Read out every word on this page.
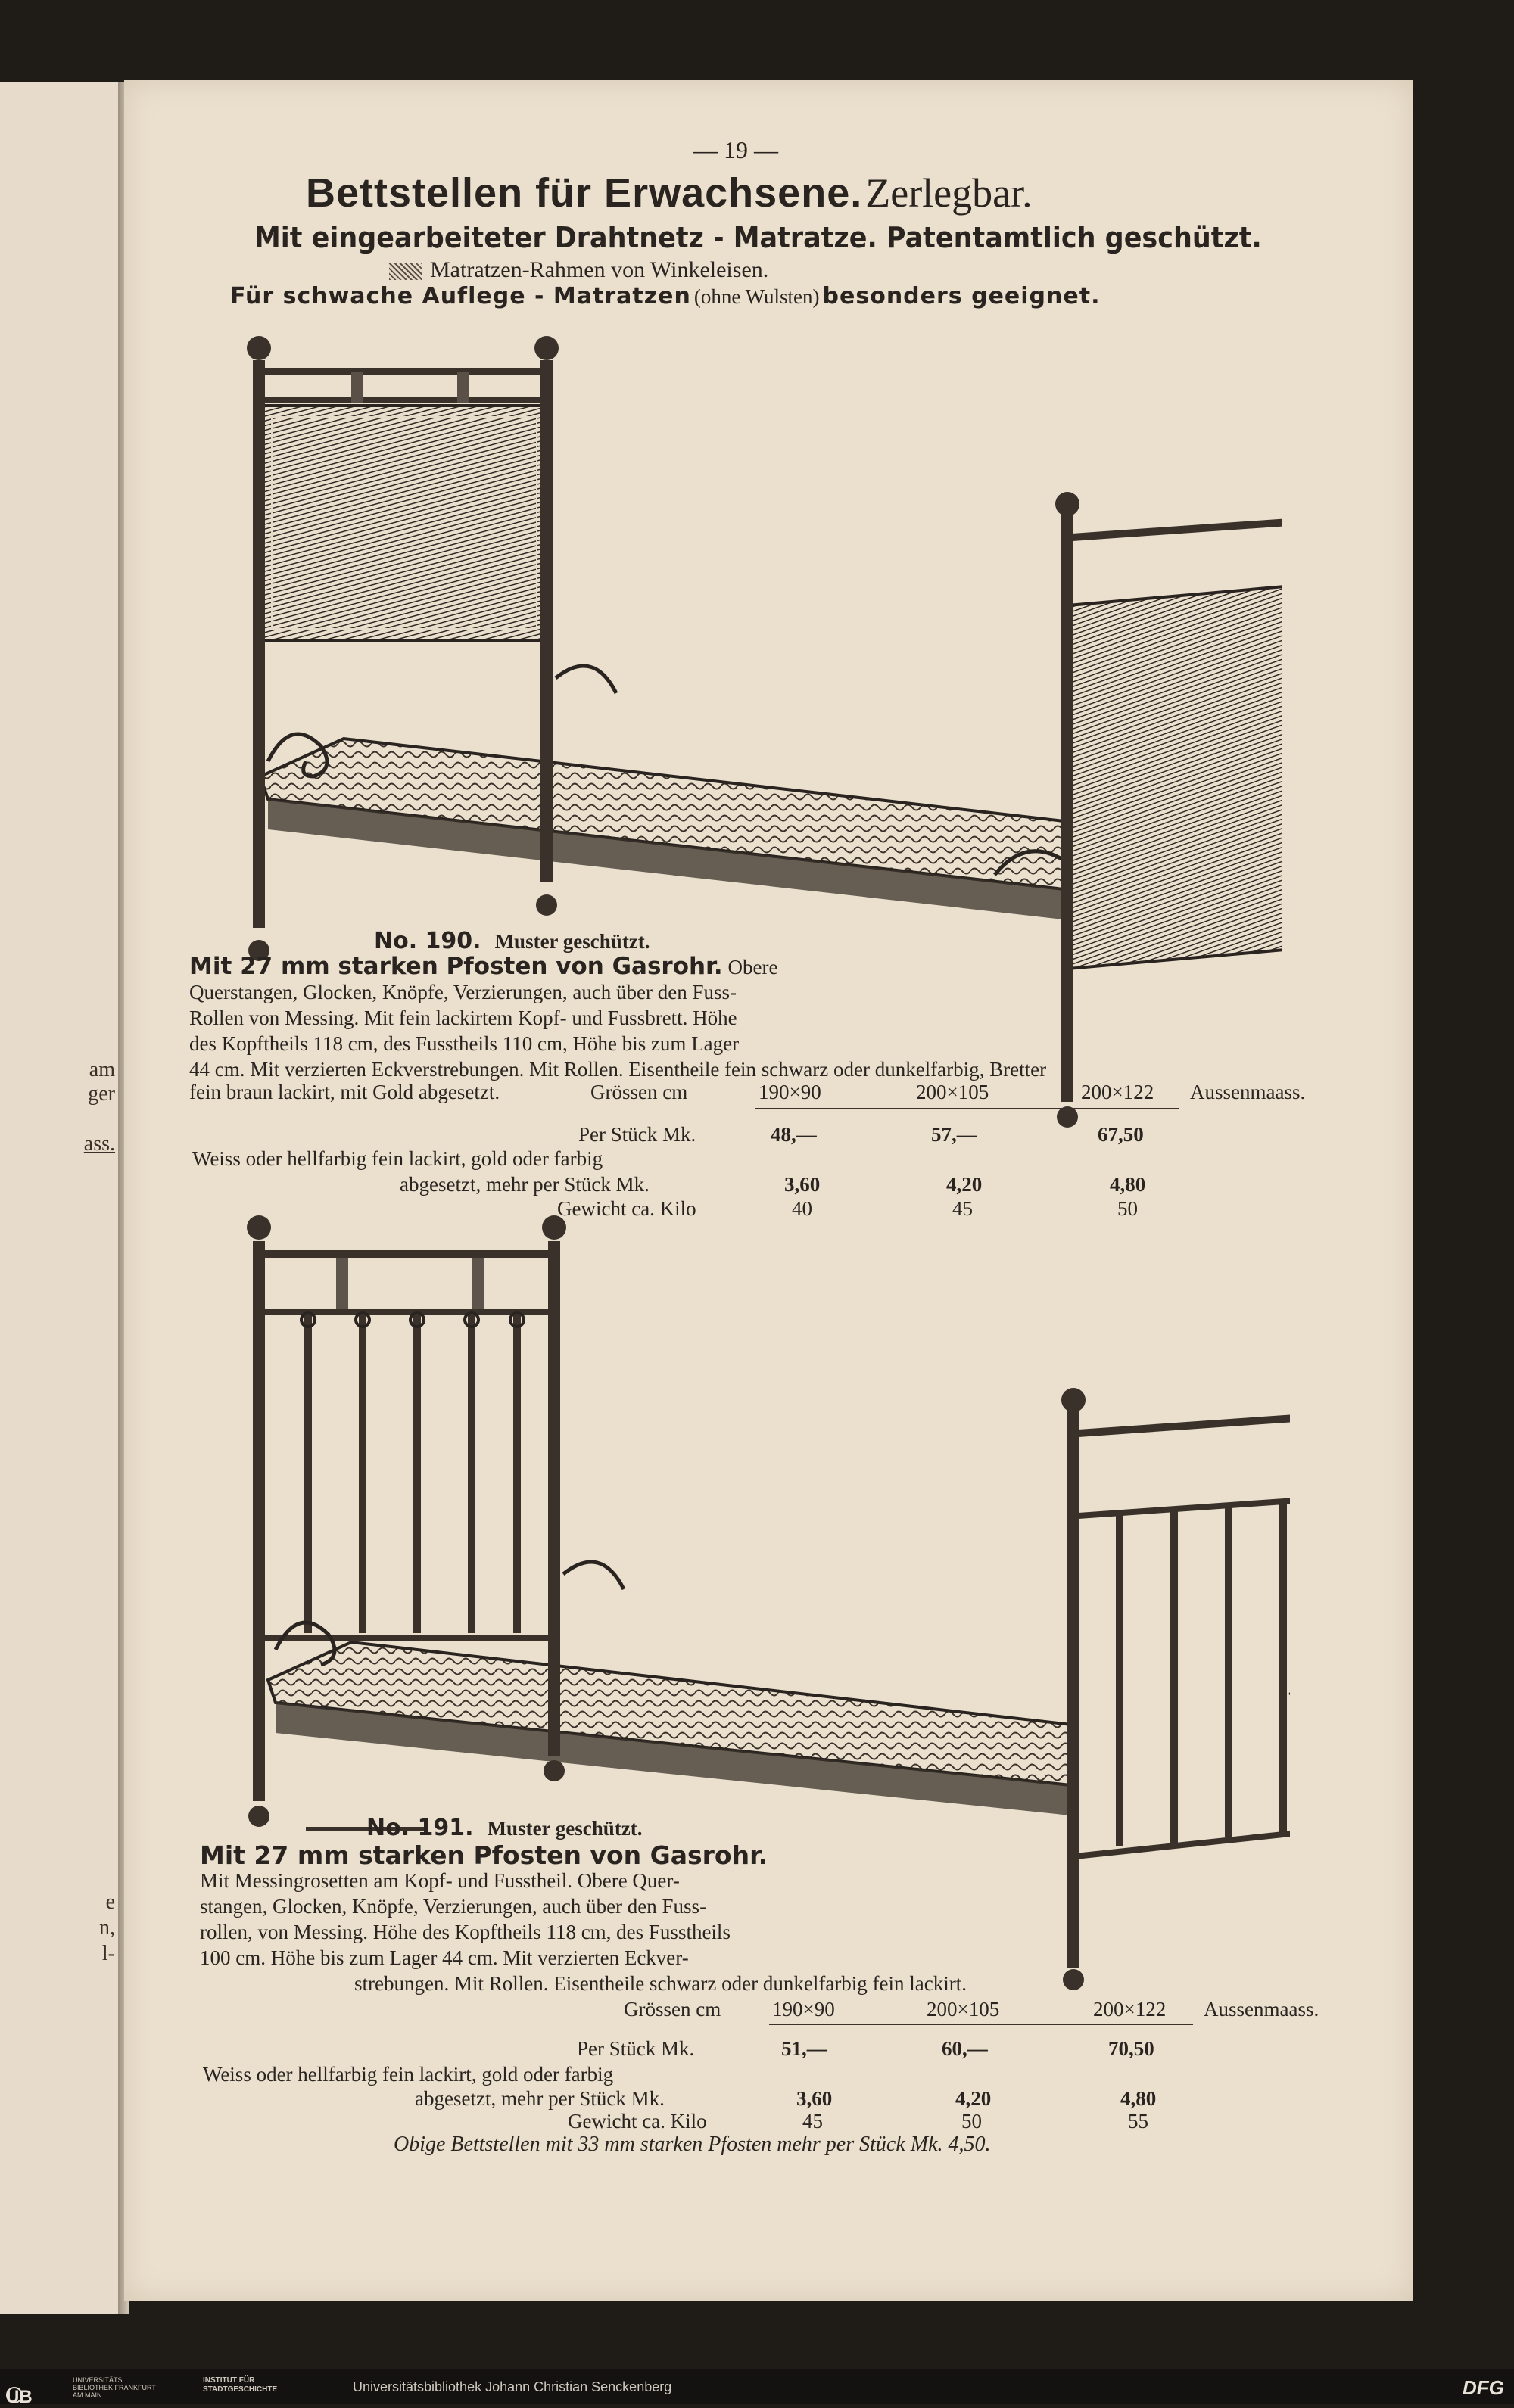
am
ger
ass.
e
n,
l-
— 19 —
Bettstellen für Erwachsene. Zerlegbar.
Mit eingearbeiteter Drahtnetz - Matratze. Patentamtlich geschützt.
Matratzen-Rahmen von Winkeleisen.
Für schwache Auflege - Matratzen (ohne Wulsten) besonders geeignet.
No. 190. Muster geschützt.
Mit 27 mm starken Pfosten von Gasrohr. Obere
Querstangen, Glocken, Knöpfe, Verzierungen, auch über den Fuss-
Rollen von Messing. Mit fein lackirtem Kopf- und Fussbrett. Höhe
des Kopftheils 118 cm, des Fusstheils 110 cm, Höhe bis zum Lager
44 cm. Mit verzierten Eckverstrebungen. Mit Rollen. Eisentheile fein schwarz oder dunkelfarbig, Bretter
fein braun lackirt, mit Gold abgesetzt.	Grössen cm	190×90	200×105	200×122 Aussenmaass.
Per Stück Mk.	48,—	57,—	67,50
Weiss oder hellfarbig fein lackirt, gold oder farbig
abgesetzt, mehr per Stück Mk.	3,60	4,20	4,80
Gewicht ca. Kilo	40	45	50
No. 191. Muster geschützt.
Mit 27 mm starken Pfosten von Gasrohr.
Mit Messingrosetten am Kopf- und Fusstheil. Obere Quer-
stangen, Glocken, Knöpfe, Verzierungen, auch über den Fuss-
rollen, von Messing. Höhe des Kopftheils 118 cm, des Fusstheils
100 cm. Höhe bis zum Lager 44 cm. Mit verzierten Eckver-
strebungen. Mit Rollen. Eisentheile schwarz oder dunkelfarbig fein lackirt.
Grössen cm	190×90	200×105	200×122 Aussenmaass.
Per Stück Mk.	51,—	60,—	70,50
Weiss oder hellfarbig fein lackirt, gold oder farbig
abgesetzt, mehr per Stück Mk.	3,60	4,20	4,80
Gewicht ca. Kilo	45	50	55
Obige Bettstellen mit 33 mm starken Pfosten mehr per Stück Mk. 4,50.
UB
UNIVERSITÄTS BIBLIOTHEK FRANKFURT AM MAIN
INSTITUT FÜR STADTGESCHICHTE	Universitätsbibliothek Johann Christian Senckenberg	DFG
